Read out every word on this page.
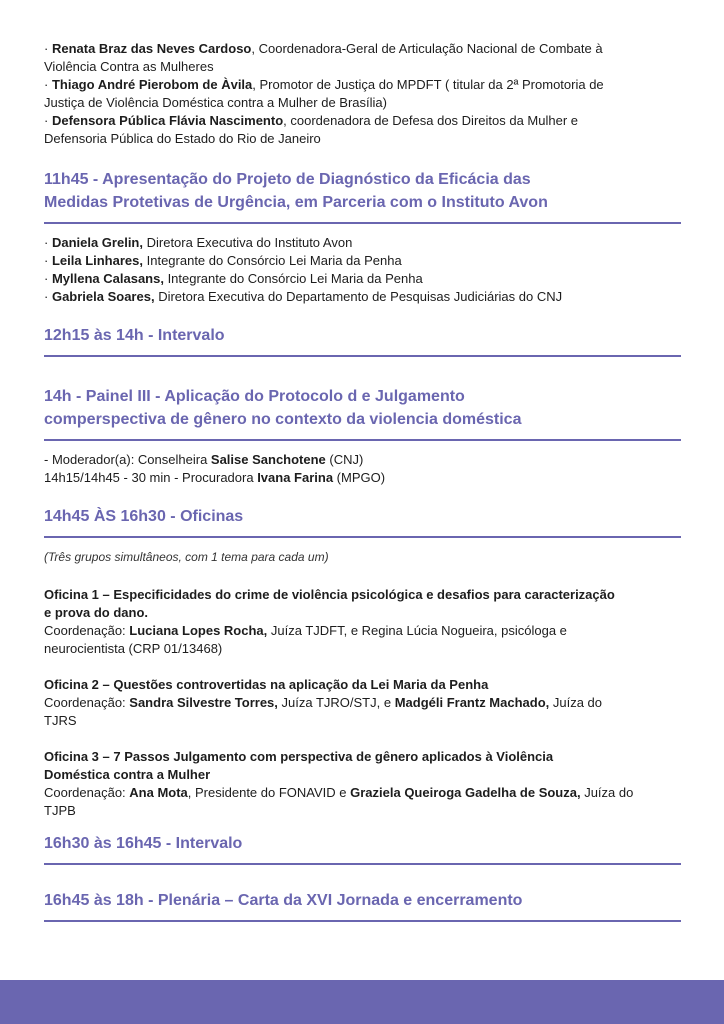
· Renata Braz das Neves Cardoso, Coordenadora-Geral de Articulação Nacional de Combate à

Violência Contra as Mulheres

· Thiago André Pierobom de Àvila, Promotor de Justiça do MPDFT ( titular da 2ª Promotoria de

Justiça de Violência Doméstica contra a Mulher de Brasília)

· Defensora Pública Flávia Nascimento, coordenadora de Defesa dos Direitos da Mulher e

Defensoria Pública do Estado do Rio de Janeiro

11h45 - Apresentação do Projeto de Diagnóstico da Eficácia das

Medidas Protetivas de Urgência, em Parceria com o Instituto Avon

· Daniela Grelin, Diretora Executiva do Instituto Avon

· Leila Linhares, Integrante do Consórcio Lei Maria da Penha

· Myllena Calasans, Integrante do Consórcio Lei Maria da Penha

· Gabriela Soares, Diretora Executiva do Departamento de Pesquisas Judiciárias do CNJ

12h15 às 14h - Intervalo

14h - Painel III - Aplicação do Protocolo d e Julgamento

comperspectiva de gênero no contexto da violencia doméstica

- Moderador(a): Conselheira Salise Sanchotene (CNJ)

14h15/14h45 - 30 min - Procuradora Ivana Farina (MPGO)

14h45 ÀS 16h30 - Oficinas

(Três grupos simultâneos, com 1 tema para cada um)

Oficina 1 – Especificidades do crime de violência psicológica e desafios para caracterização

e prova do dano.

Coordenação: Luciana Lopes Rocha, Juíza TJDFT, e Regina Lúcia Nogueira, psicóloga e

neurocientista (CRP 01/13468)

Oficina 2 – Questões controvertidas na aplicação da Lei Maria da Penha

Coordenação: Sandra Silvestre Torres, Juíza TJRO/STJ, e Madgéli Frantz Machado, Juíza do

TJRS

Oficina 3 – 7 Passos Julgamento com perspectiva de gênero aplicados à Violência

Doméstica contra a Mulher

Coordenação: Ana Mota, Presidente do FONAVID e Graziela Queiroga Gadelha de Souza, Juíza do

TJPB

16h30 às 16h45 - Intervalo

16h45 às 18h - Plenária – Carta da XVI Jornada e encerramento
